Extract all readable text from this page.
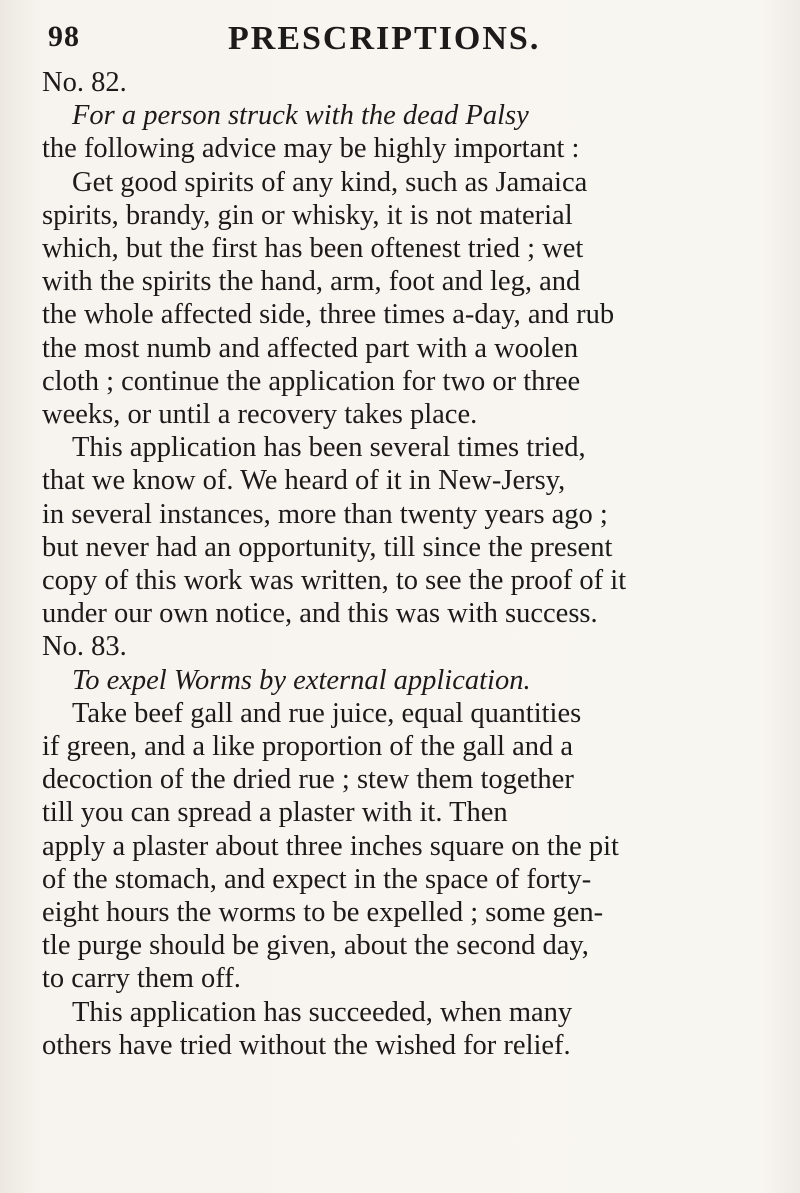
98	PRESCRIPTIONS.

No. 82.

For a person struck with the dead Palsy

the following advice may be highly important :
Get good spirits of any kind, such as Jamaica
spirits, brandy, gin or whisky, it is not material
which, but the first has been oftenest tried ; wet
with the spirits the hand, arm, foot and leg, and
the whole affected side, three times a-day, and rub
the most numb and affected part with a woolen
cloth ; continue the application for two or three
weeks, or until a recovery takes place.

This application has been several times tried,
that we know of. We heard of it in New-Jersy,
in several instances, more than twenty years ago ;
but never had an opportunity, till since the present
copy of this work was written, to see the proof of it
under our own notice, and this was with success.

No. 83.

To expel Worms by external application.

Take beef gall and rue juice, equal quantities
if green, and a like proportion of the gall and a
decoction of the dried rue ; stew them together
till you can spread a plaster with it. Then
apply a plaster about three inches square on the pit
of the stomach, and expect in the space of forty-
eight hours the worms to be expelled ; some gen-
tle purge should be given, about the second day,
to carry them off.

This application has succeeded, when many
others have tried without the wished for relief.
